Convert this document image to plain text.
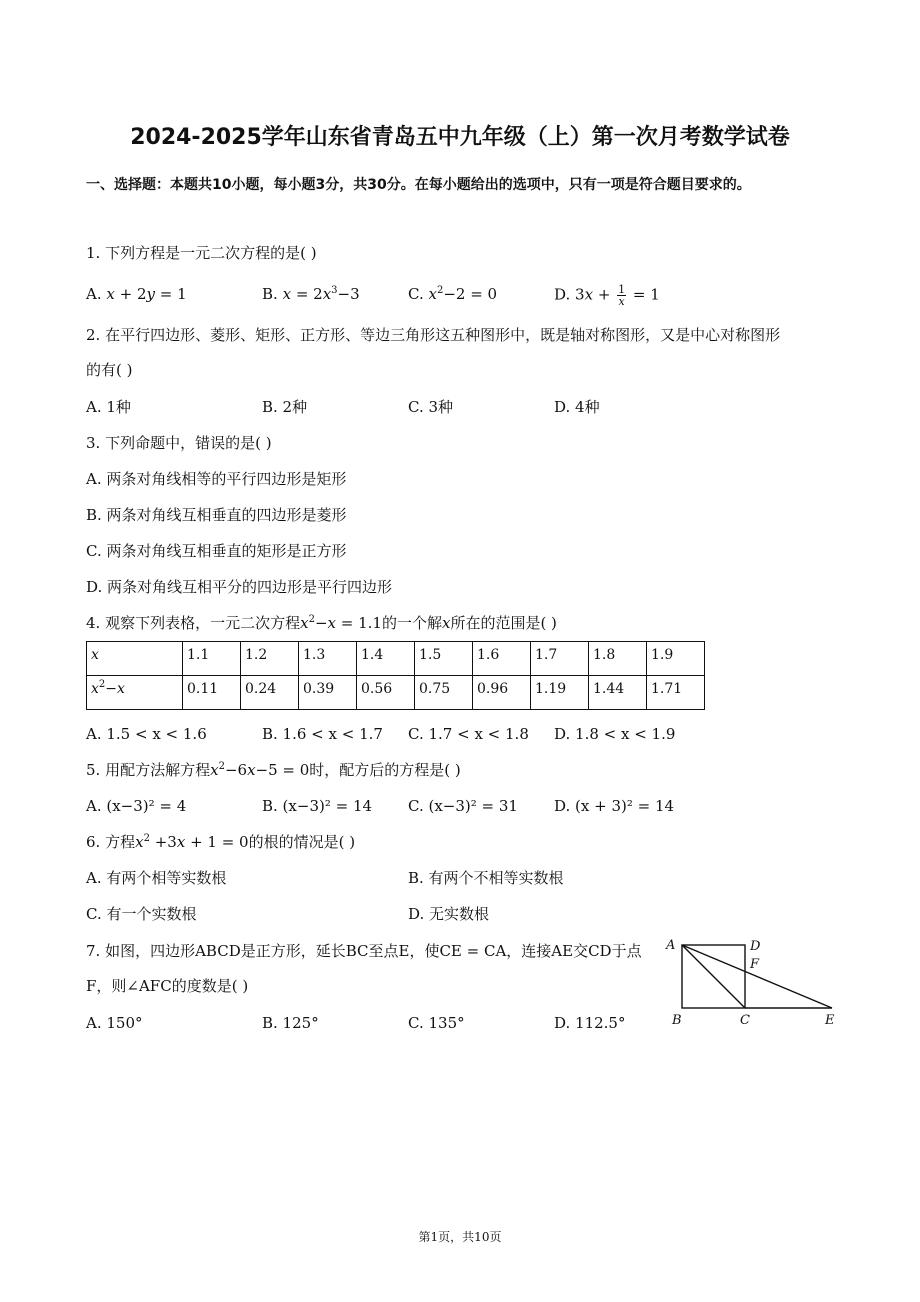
2024-2025学年山东省青岛五中九年级（上）第一次月考数学试卷
一、选择题：本题共10小题，每小题3分，共30分。在每小题给出的选项中，只有一项是符合题目要求的。
1. 下列方程是一元二次方程的是( )
A. x + 2y = 1	B. $x = 2x^3-3$	C. $x^2-2 = 0$	D. $3x + \frac{1}{x} = 1$
2. 在平行四边形、菱形、矩形、正方形、等边三角形这五种图形中，既是轴对称图形，又是中心对称图形
的有( )
A. 1种	B. 2种	C. 3种	D. 4种
3. 下列命题中，错误的是( )
A. 两条对角线相等的平行四边形是矩形
B. 两条对角线互相垂直的四边形是菱形
C. 两条对角线互相垂直的矩形是正方形
D. 两条对角线互相平分的四边形是平行四边形
4. 观察下列表格，一元二次方程$x^2-x = 1.1$的一个解x所在的范围是( )
x	1.1	1.2	1.3	1.4	1.5	1.6	1.7	1.8	1.9
$x^2-x$	0.11	0.24	0.39	0.56	0.75	0.96	1.19	1.44	1.71
A. 1.5 < x < 1.6	B. 1.6 < x < 1.7 C. 1.7 < x < 1.8 D. 1.8 < x < 1.9
5. 用配方法解方程$x^2-6x-5 = 0$时，配方后的方程是( )
A. (x−3)² = 4	B. (x−3)² = 14 C. (x−3)² = 31 D. (x + 3)² = 14
6. 方程$x^2 +3x + 1 = 0$的根的情况是( )
A. 有两个相等实数根	B. 有两个不相等实数根
C. 有一个实数根	D. 无实数根
7. 如图，四边形ABCD是正方形，延长BC至点E，使CE = CA，连接AE交CD于点
F，则∠AFC的度数是( )
A. 150°	B. 125°	C. 135°	D. 112.5°
A	D
F
B	C	E
第1页，共10页
